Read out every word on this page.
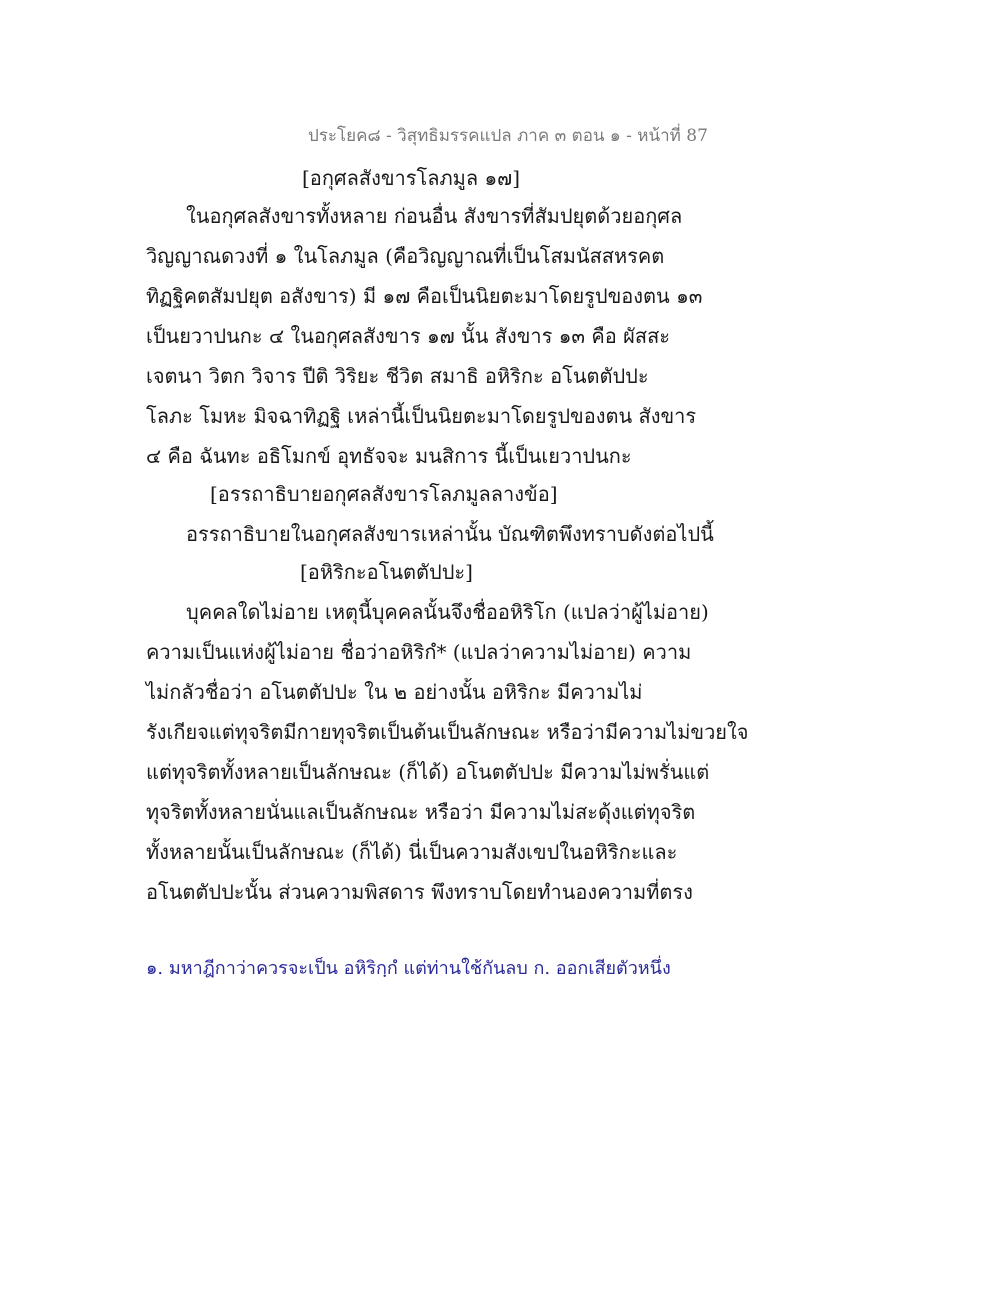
ประโยค๘ - วิสุทธิมรรคแปล ภาค ๓ ตอน ๑ - หน้าที่ 87
[อกุศลสังขารโลภมูล ๑๗]
ในอกุศลสังขารทั้งหลาย ก่อนอื่น สังขารที่สัมปยุตด้วยอกุศล
วิญญาณดวงที่ ๑ ในโลภมูล (คือวิญญาณที่เป็นโสมนัสสหรคต
ทิฏฐิคตสัมปยุต อสังขาร) มี ๑๗ คือเป็นนิยตะมาโดยรูปของตน ๑๓
เป็นยวาปนกะ ๔ ในอกุศลสังขาร ๑๗ นั้น สังขาร ๑๓ คือ ผัสสะ
เจตนา วิตก วิจาร ปีติ วิริยะ ชีวิต สมาธิ อหิริกะ อโนตตัปปะ
โลภะ โมหะ มิจฉาทิฏฐิ เหล่านี้เป็นนิยตะมาโดยรูปของตน สังขาร
๔ คือ ฉันทะ อธิโมกข์ อุทธัจจะ มนสิการ นี้เป็นเยวาปนกะ
[อรรถาธิบายอกุศลสังขารโลภมูลลางข้อ]
อรรถาธิบายในอกุศลสังขารเหล่านั้น บัณฑิตพึงทราบดังต่อไปนี้
[อหิริกะอโนตตัปปะ]
บุคคลใดไม่อาย เหตุนี้บุคคลนั้นจึงชื่ออหิริโก (แปลว่าผู้ไม่อาย)
ความเป็นแห่งผู้ไม่อาย ชื่อว่าอหิริกํ* (แปลว่าความไม่อาย) ความ
ไม่กลัวชื่อว่า อโนตตัปปะ ใน ๒ อย่างนั้น อหิริกะ มีความไม่
รังเกียจแต่ทุจริตมีกายทุจริตเป็นต้นเป็นลักษณะ หรือว่ามีความไม่ขวยใจ
แต่ทุจริตทั้งหลายเป็นลักษณะ (ก็ได้) อโนตตัปปะ มีความไม่พรั่นแต่
ทุจริตทั้งหลายนั่นแลเป็นลักษณะ หรือว่า มีความไม่สะดุ้งแต่ทุจริต
ทั้งหลายนั้นเป็นลักษณะ (ก็ได้) นี่เป็นความสังเขปในอหิริกะและ
อโนตตัปปะนั้น ส่วนความพิสดาร พึงทราบโดยทำนองความที่ตรง
๑. มหาฎีกาว่าควรจะเป็น อหิริกฺกํ แต่ท่านใช้กันลบ ก. ออกเสียตัวหนึ่ง
